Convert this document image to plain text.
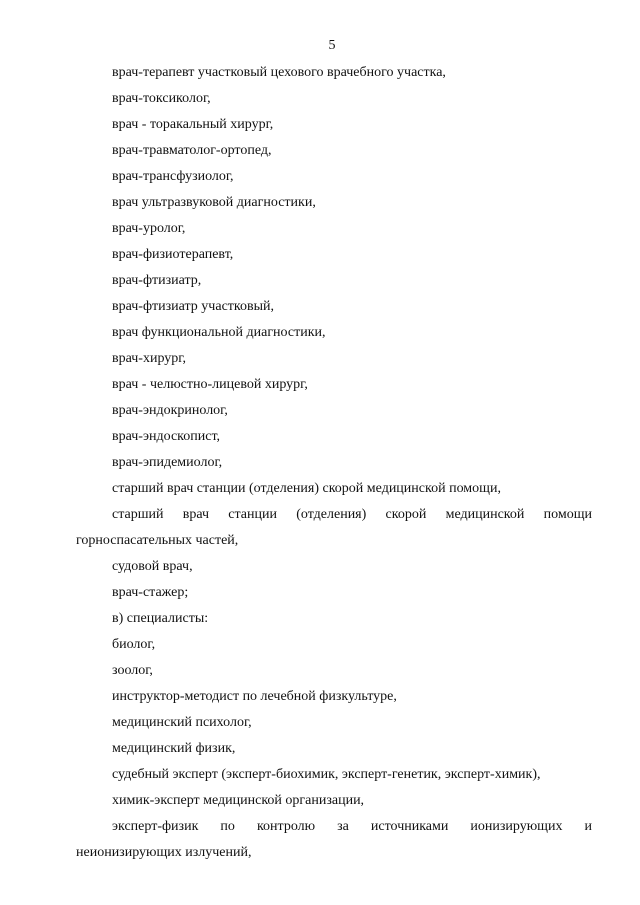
5

врач-терапевт участковый цехового врачебного участка,

врач-токсиколог,

врач - торакальный хирург,

врач-травматолог-ортопед,

врач-трансфузиолог,

врач ультразвуковой диагностики,

врач-уролог,

врач-физиотерапевт,

врач-фтизиатр,

врач-фтизиатр участковый,

врач функциональной диагностики,

врач-хирург,

врач - челюстно-лицевой хирург,

врач-эндокринолог,

врач-эндоскопист,

врач-эпидемиолог,

старший врач станции (отделения) скорой медицинской помощи,

старший врач станции (отделения) скорой медицинской помощи
горноспасательных частей,

судовой врач,

врач-стажер;

в) специалисты:

биолог,

зоолог,

инструктор-методист по лечебной физкультуре,

медицинский психолог,

медицинский физик,

судебный эксперт (эксперт-биохимик, эксперт-генетик, эксперт-химик),

химик-эксперт медицинской организации,

эксперт-физик по контролю за источниками ионизирующих и
неионизирующих излучений,
